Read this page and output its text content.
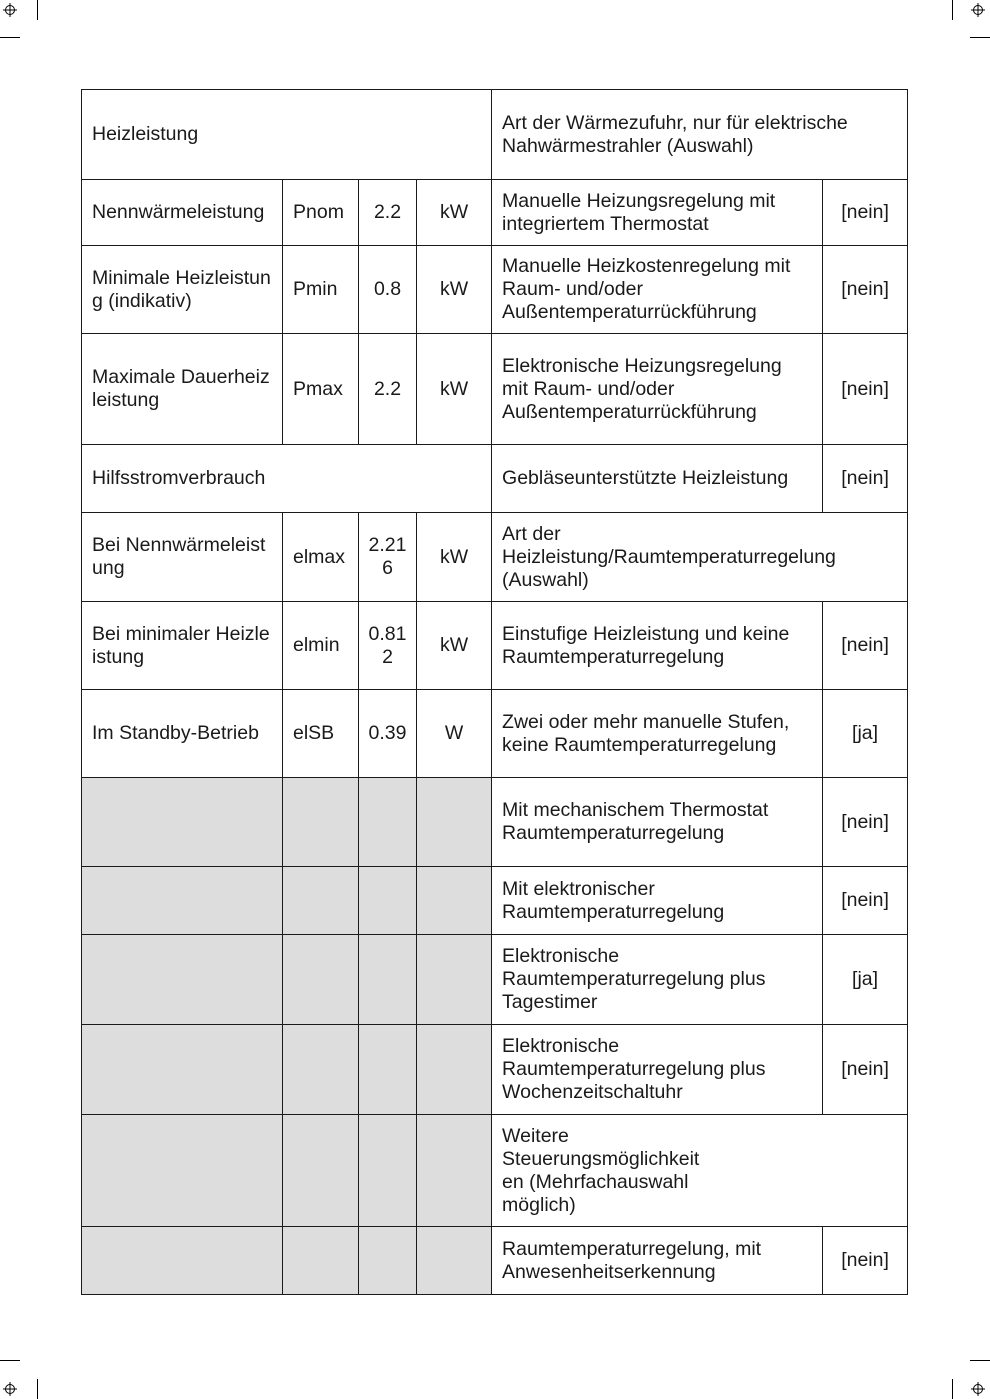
Heizleistung				Art der Wärmezufuhr, nur für elektrische Nahwärmestrahler (Auswahl)	
Nennwärmeleistung	Pnom	2.2	kW	Manuelle Heizungsregelung mit integriertem Thermostat	[nein]
Minimale Heizleistung (indikativ)	Pmin	0.8	kW	Manuelle Heizkostenregelung mit Raum- und/oder Außentemperaturrückführung	[nein]
Maximale Dauerheizleistung	Pmax	2.2	kW	Elektronische Heizungsregelung mit Raum- und/oder Außentemperaturrückführung	[nein]
Hilfsstromverbrauch				Gebläseunterstützte Heizleistung	[nein]
Bei Nennwärmeleistung	elmax	2.216	kW	Art der Heizleistung/Raumtemperaturregelung (Auswahl)	
Bei minimaler Heizleistung	elmin	0.812	kW	Einstufige Heizleistung und keine Raumtemperaturregelung	[nein]
Im Standby-Betrieb	elSB	0.39	W	Zwei oder mehr manuelle Stufen, keine Raumtemperaturregelung	[ja]
				Mit mechanischem Thermostat Raumtemperaturregelung	[nein]
				Mit elektronischer Raumtemperaturregelung	[nein]
				Elektronische Raumtemperaturregelung plus Tagestimer	[ja]
				Elektronische Raumtemperaturregelung plus Wochenzeitschaltuhr	[nein]

				Weitere Steuerungsmöglichkeiten (Mehrfachauswahl möglich)	

				Raumtemperaturregelung, mit Anwesenheitserkennung	[nein]
